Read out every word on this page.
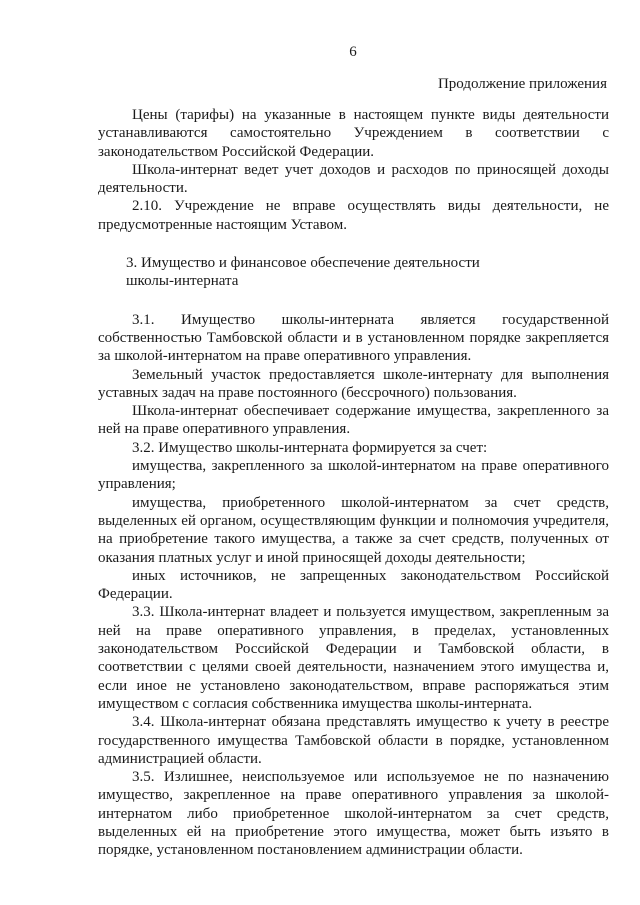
6
Продолжение приложения

Цены (тарифы) на указанные в настоящем пункте виды деятельности устанавливаются самостоятельно Учреждением в соответствии с законодательством Российской Федерации.

Школа-интернат ведет учет доходов и расходов по приносящей доходы деятельности.

2.10. Учреждение не вправе осуществлять виды деятельности, не предусмотренные настоящим Уставом.

3. Имущество и финансовое обеспечение деятельности
школы-интерната

3.1. Имущество школы-интерната является государственной собственностью Тамбовской области и в установленном порядке закрепляется за школой-интернатом на праве оперативного управления.

Земельный участок предоставляется школе-интернату для выполнения уставных задач на праве постоянного (бессрочного) пользования.

Школа-интернат обеспечивает содержание имущества, закрепленного за ней на праве оперативного управления.

3.2. Имущество школы-интерната формируется за счет:

имущества, закрепленного за школой-интернатом на праве оперативного управления;

имущества, приобретенного школой-интернатом за счет средств, выделенных ей органом, осуществляющим функции и полномочия учредителя, на приобретение такого имущества, а также за счет средств, полученных от оказания платных услуг и иной приносящей доходы деятельности;

иных источников, не запрещенных законодательством Российской Федерации.

3.3. Школа-интернат владеет и пользуется имуществом, закрепленным за ней на праве оперативного управления, в пределах, установленных законодательством Российской Федерации и Тамбовской области, в соответствии с целями своей деятельности, назначением этого имущества и, если иное не установлено законодательством, вправе распоряжаться этим имуществом с согласия собственника имущества школы-интерната.

3.4. Школа-интернат обязана представлять имущество к учету в реестре государственного имущества Тамбовской области в порядке, установленном администрацией области.

3.5. Излишнее, неиспользуемое или используемое не по назначению имущество, закрепленное на праве оперативного управления за школой-интернатом либо приобретенное школой-интернатом за счет средств, выделенных ей на приобретение этого имущества, может быть изъято в порядке, установленном постановлением администрации области.
